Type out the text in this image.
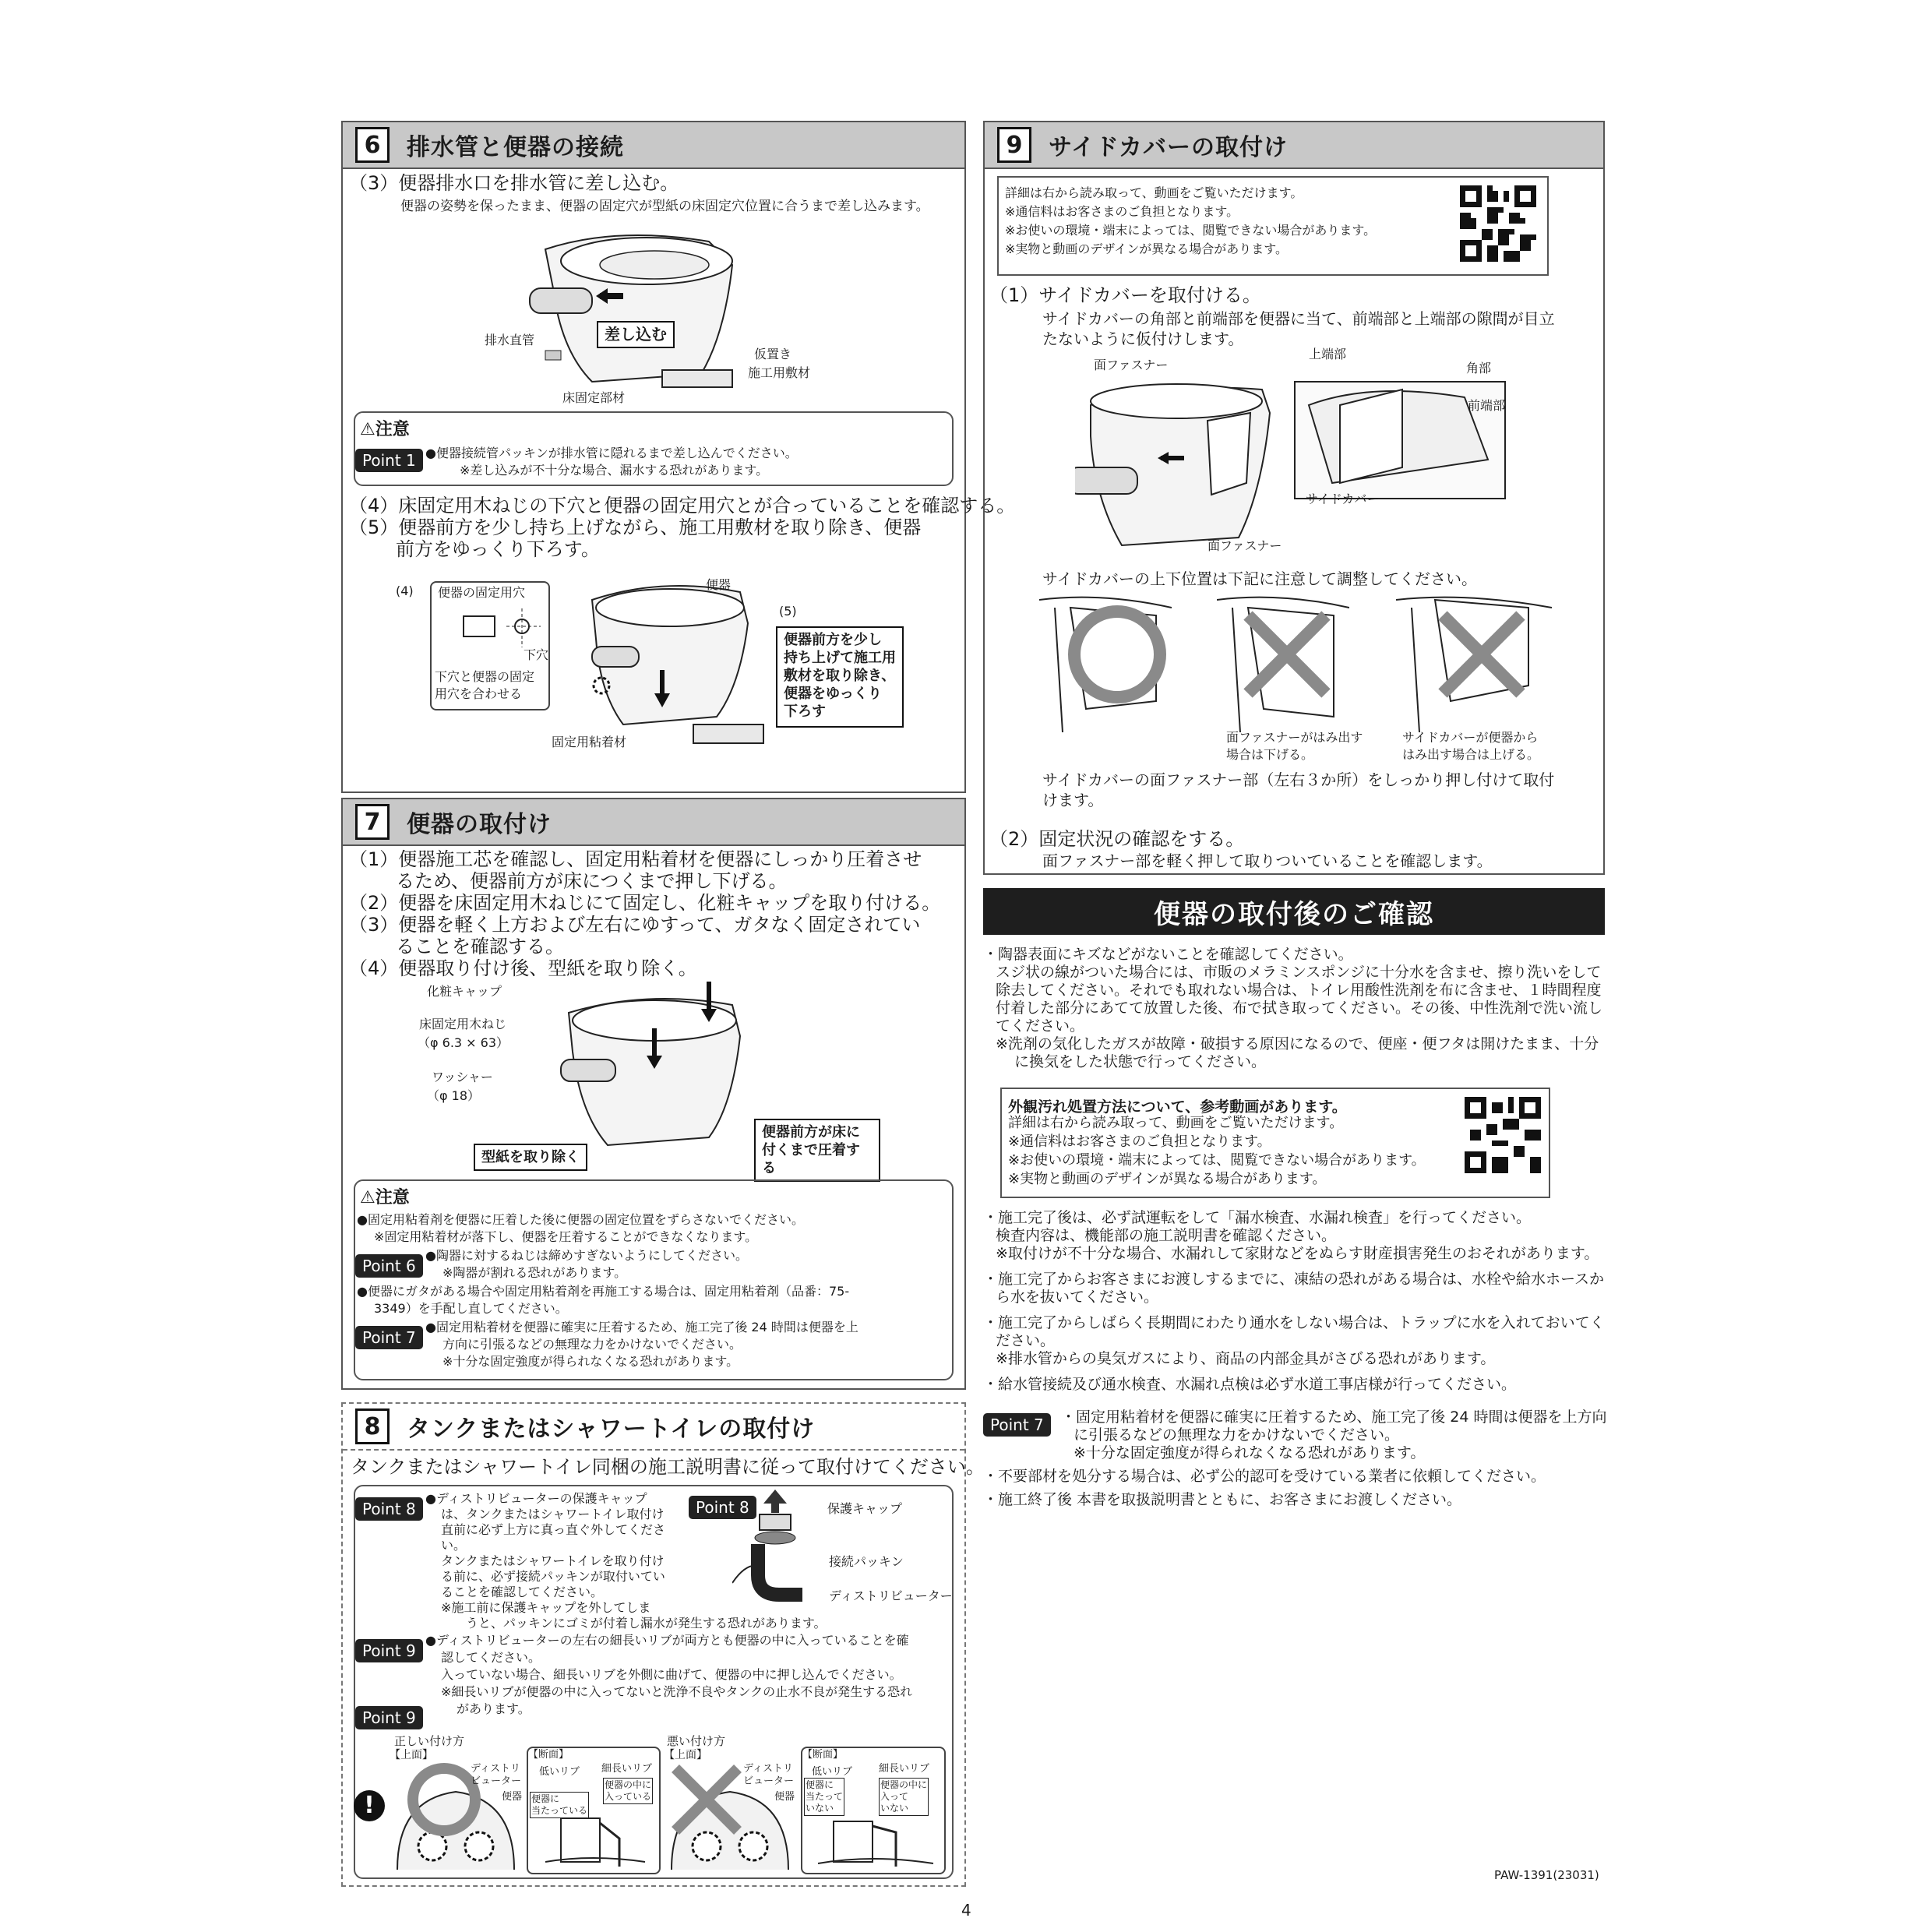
6	排水管と便器の接続
（3）便器排水口を排水管に差し込む。
便器の姿勢を保ったまま、便器の固定穴が型紙の床固定穴位置に合うまで差し込みます。
差し込む
排水直管
仮置き
施工用敷材
床固定部材
⚠注意
Point 1 ●便器接続管パッキンが排水管に隠れるまで差し込んでください。
※差し込みが不十分な場合、漏水する恐れがあります。
（4）床固定用木ねじの下穴と便器の固定用穴とが合っていることを確認する。
（5）便器前方を少し持ち上げながら、施工用敷材を取り除き、便器
前方をゆっくり下ろす。
(4) 便器の固定用穴
下穴
下穴と便器の固定
用穴を合わせる
便器
(5)
便器前方を少し
持ち上げて施工用
敷材を取り除き、
便器をゆっくり
下ろす
固定用粘着材
7	便器の取付け
（1）便器施工芯を確認し、固定用粘着材を便器にしっかり圧着させ
るため、便器前方が床につくまで押し下げる。
（2）便器を床固定用木ねじにて固定し、化粧キャップを取り付ける。
（3）便器を軽く上方および左右にゆすって、ガタなく固定されてい
ることを確認する。
（4）便器取り付け後、型紙を取り除く。
化粧キャップ
床固定用木ねじ
（φ 6.3 × 63）
ワッシャー
（φ 18）
型紙を取り除く
便器前方が床に
付くまで圧着する
⚠注意
●固定用粘着剤を便器に圧着した後に便器の固定位置をずらさないでください。
※固定用粘着材が落下し、便器を圧着することができなくなります。
Point 6
●陶器に対するねじは締めすぎないようにしてください。
※陶器が割れる恐れがあります。
●便器にガタがある場合や固定用粘着剤を再施工する場合は、固定用粘着剤（品番：75-
3349）を手配し直してください。
Point 7
●固定用粘着材を便器に確実に圧着するため、施工完了後 24 時間は便器を上
方向に引張るなどの無理な力をかけないでください。
※十分な固定強度が得られなくなる恐れがあります。
8	タンクまたはシャワートイレの取付け
タンクまたはシャワートイレ同梱の施工説明書に従って取付けてください。
Point 8
●ディストリビューターの保護キャップ
は、タンクまたはシャワートイレ取付け
直前に必ず上方に真っ直ぐ外してくださ
い。
タンクまたはシャワートイレを取り付け
る前に、必ず接続パッキンが取付いてい
ることを確認してください。
※施工前に保護キャップを外してしま
うと、パッキンにゴミが付着し漏水が発生する恐れがあります。
Point 8	保護キャップ
接続パッキン
ディストリビューター
Point 9
●ディストリビューターの左右の細長いリブが両方とも便器の中に入っていることを確
認してください。
入っていない場合、細長いリブを外側に曲げて、便器の中に押し込んでください。
※細長いリブが便器の中に入ってないと洗浄不良やタンクの止水不良が発生する恐れ
があります。
Point 9
正しい付け方
【上面】
悪い付け方
【上面】
!
ディストリ
ビューター
便器
【断面】
低いリブ 細長いリブ
便器に
当たっている
便器の中に
入っている
ディストリ
ビューター
便器
【断面】
低いリブ	細長いリブ
便器に
当たって
いない
便器の中に
入って
いない
9	サイドカバーの取付け
詳細は右から読み取って、動画をご覧いただけます。
※通信料はお客さまのご負担となります。
※お使いの環境・端末によっては、閲覧できない場合があります。
※実物と動画のデザインが異なる場合があります。
（1）サイドカバーを取付ける。
サイドカバーの角部と前端部を便器に当て、前端部と上端部の隙間が目立
たないように仮付けします。
面ファスナー
上端部
角部
前端部
サイドカバー
面ファスナー
サイドカバーの上下位置は下記に注意して調整してください。
面ファスナーがはみ出す
場合は下げる。
サイドカバーが便器から
はみ出す場合は上げる。
サイドカバーの面ファスナー部（左右３か所）をしっかり押し付けて取付
けます。
（2）固定状況の確認をする。
面ファスナー部を軽く押して取りついていることを確認します。
便器の取付後のご確認
・陶器表面にキズなどがないことを確認してください。
スジ状の線がついた場合には、市販のメラミンスポンジに十分水を含ませ、擦り洗いをして
除去してください。それでも取れない場合は、トイレ用酸性洗剤を布に含ませ、１時間程度
付着した部分にあてて放置した後、布で拭き取ってください。その後、中性洗剤で洗い流し
てください。
※洗剤の気化したガスが故障・破損する原因になるので、便座・便フタは開けたまま、十分
に換気をした状態で行ってください。
外観汚れ処置方法について、参考動画があります。
詳細は右から読み取って、動画をご覧いただけます。
※通信料はお客さまのご負担となります。
※お使いの環境・端末によっては、閲覧できない場合があります。
※実物と動画のデザインが異なる場合があります。
・施工完了後は、必ず試運転をして「漏水検査、水漏れ検査」を行ってください。
検査内容は、機能部の施工説明書を確認ください。
※取付けが不十分な場合、水漏れして家財などをぬらす財産損害発生のおそれがあります。
・施工完了からお客さまにお渡しするまでに、凍結の恐れがある場合は、水栓や給水ホースか
ら水を抜いてください。
・施工完了からしばらく長期間にわたり通水をしない場合は、トラップに水を入れておいてく
ださい。
※排水管からの臭気ガスにより、商品の内部金具がさびる恐れがあります。
・給水管接続及び通水検査、水漏れ点検は必ず水道工事店様が行ってください。
Point 7	・固定用粘着材を便器に確実に圧着するため、施工完了後 24 時間は便器を上方向
に引張るなどの無理な力をかけないでください。
※十分な固定強度が得られなくなる恐れがあります。
・不要部材を処分する場合は、必ず公的認可を受けている業者に依頼してください。
・施工終了後 本書を取扱説明書とともに、お客さまにお渡しください。
PAW-1391(23031)
4
